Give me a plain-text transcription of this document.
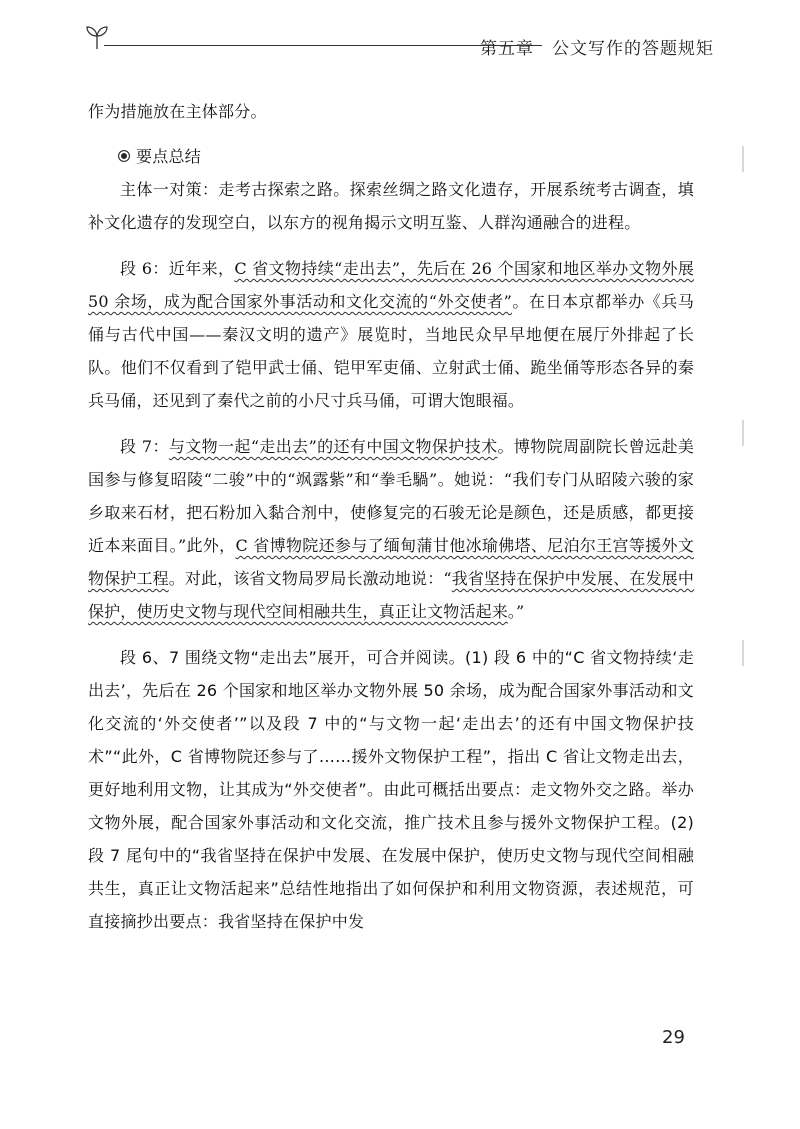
第五章　公文写作的答题规矩

作为措施放在主体部分。

要点总结

主体一对策：走考古探索之路。探索丝绸之路文化遗存，开展系统考古调查，填补文化遗存的发现空白，以东方的视角揭示文明互鉴、人群沟通融合的进程。

段 6：近年来，C 省文物持续“走出去”，先后在 26 个国家和地区举办文物外展 50 余场，成为配合国家外事活动和文化交流的“外交使者”。在日本京都举办《兵马俑与古代中国——秦汉文明的遗产》展览时，当地民众早早地便在展厅外排起了长队。他们不仅看到了铠甲武士俑、铠甲军吏俑、立射武士俑、跪坐俑等形态各异的秦兵马俑，还见到了秦代之前的小尺寸兵马俑，可谓大饱眼福。

段 7：与文物一起“走出去”的还有中国文物保护技术。博物院周副院长曾远赴美国参与修复昭陵“二骏”中的“飒露紫”和“拳毛騧”。她说：“我们专门从昭陵六骏的家乡取来石材，把石粉加入黏合剂中，使修复完的石骏无论是颜色，还是质感，都更接近本来面目。”此外，C 省博物院还参与了缅甸蒲甘他冰瑜佛塔、尼泊尔王宫等援外文物保护工程。对此，该省文物局罗局长激动地说：“我省坚持在保护中发展、在发展中保护，使历史文物与现代空间相融共生，真正让文物活起来。”

段 6、7 围绕文物“走出去”展开，可合并阅读。(1) 段 6 中的“C 省文物持续‘走出去’，先后在 26 个国家和地区举办文物外展 50 余场，成为配合国家外事活动和文化交流的‘外交使者’”以及段 7 中的“与文物一起‘走出去’的还有中国文物保护技术”“此外，C 省博物院还参与了……援外文物保护工程”，指出 C 省让文物走出去，更好地利用文物，让其成为“外交使者”。由此可概括出要点：走文物外交之路。举办文物外展，配合国家外事活动和文化交流，推广技术且参与援外文物保护工程。(2) 段 7 尾句中的“我省坚持在保护中发展、在发展中保护，使历史文物与现代空间相融共生，真正让文物活起来”总结性地指出了如何保护和利用文物资源，表述规范，可直接摘抄出要点：我省坚持在保护中发

29
